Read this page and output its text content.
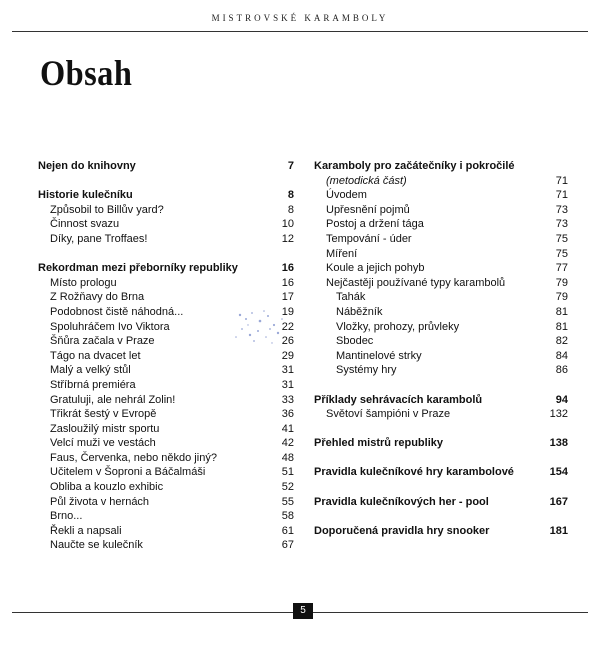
MISTROVSKÉ KARAMBOLY
Obsah
Nejen do knihovny	7
Historie kulečníku	8
Způsobil to Billův yard?	8
Činnost svazu	10
Díky, pane Troffaes!	12
Rekordman mezi přeborníky republiky	16
Místo prologu	16
Z Rožňavy do Brna	17
Podobnost čistě náhodná...	19
Spoluhráčem Ivo Viktora	22
Šňůra začala v Praze	26
Tágo na dvacet let	29
Malý a velký stůl	31
Stříbrná premiéra	31
Gratuluji, ale nehrál Zolin!	33
Třikrát šestý v Evropě	36
Zasloužilý mistr sportu	41
Velcí muži ve vestách	42
Faus, Červenka, nebo někdo jiný?	48
Učitelem v Šoproni a Báčalmáši	51
Obliba a kouzlo exhibic	52
Půl života v hernách	55
Brno...	58
Řekli a napsali	61
Naučte se kulečník	67
Karamboly pro začátečníky i pokročilé
(metodická část)	71
Úvodem	71
Upřesnění pojmů	73
Postoj a držení tága	73
Tempování - úder	75
Míření	75
Koule a jejich pohyb	77
Nejčastěji používané typy karambolů	79
Tahák	79
Náběžník	81
Vložky, prohozy, průvleky	81
Sbodec	82
Mantinelové strky	84
Systémy hry	86
Příklady sehrávacích karambolů	94
Světoví šampióni v Praze	132
Přehled mistrů republiky	138
Pravidla kulečníkové hry karambolové	154
Pravidla kulečníkových her - pool	167
Doporučená pravidla hry snooker	181
5
